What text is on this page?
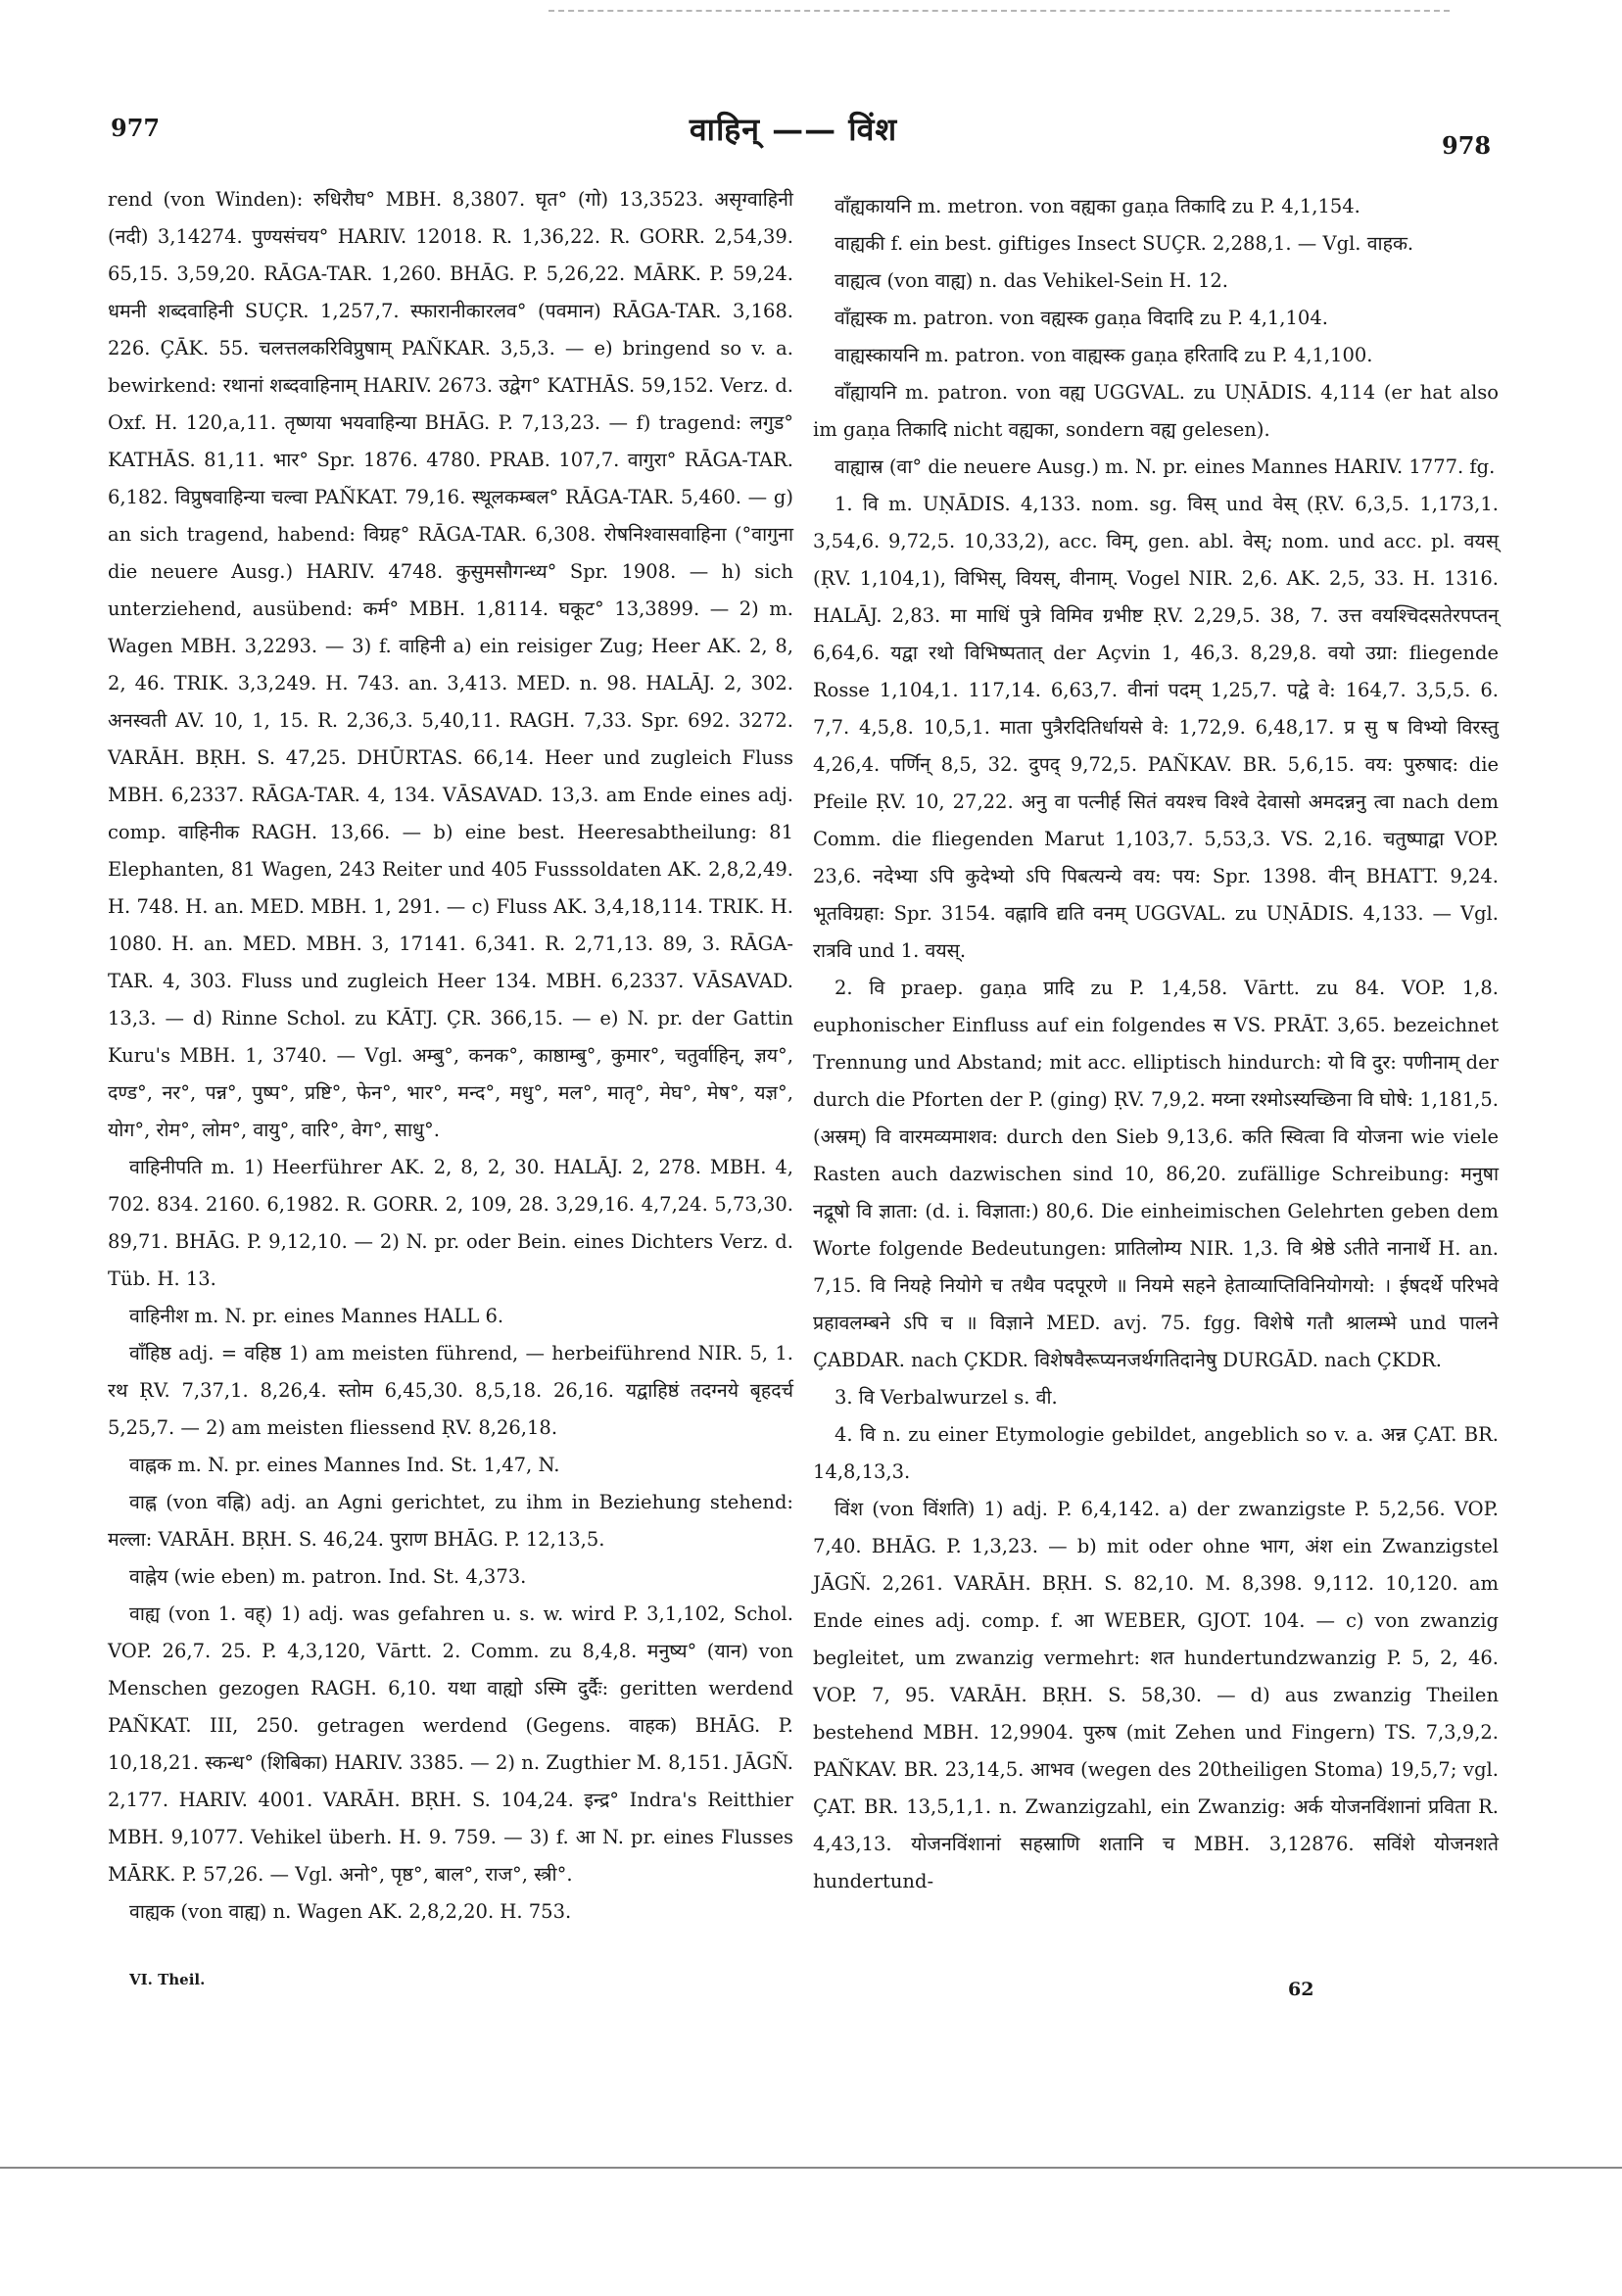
977	वाहिन् —— विंश	978

rend (von Winden): रुधिरौघ° MBH. 8,3807. घृत° (गो) 13,3523. असृग्वाहिनी (नदी) 3,14274. पुण्यसंचय° HARIV. 12018. R. 1,36,22. R. GORR. 2,54,39. 65,15. 3,59,20. RĀGA-TAR. 1,260. BHĀG. P. 5,26,22. MĀRK. P. 59,24. धमनी शब्दवाहिनी SUÇR. 1,257,7. स्फारानीकारलव° (पवमान) RĀGA-TAR. 3,168. 226. ÇĀK. 55. चलत्तलकरिविप्रुषाम् PAÑKAR. 3,5,3. — e) bringend so v. a. bewirkend: रथानां शब्दवाहिनाम् HARIV. 2673. उद्वेग° KATHĀS. 59,152. Verz. d. Oxf. H. 120,a,11. तृष्णया भयवाहिन्या BHĀG. P. 7,13,23. — f) tragend: लगुड° KATHĀS. 81,11. भार° Spr. 1876. 4780. PRAB. 107,7. वागुरा° RĀGA-TAR. 6,182. विप्रुषवाहिन्या चल्वा PAÑKAT. 79,16. स्थूलकम्बल° RĀGA-TAR. 5,460. — g) an sich tragend, habend: विग्रह° RĀGA-TAR. 6,308. रोषनिश्वासवाहिना (°वागुना die neuere Ausg.) HARIV. 4748. कुसुमसौगन्ध्य° Spr. 1908. — h) sich unterziehend, ausübend: कर्म° MBH. 1,8114. घकूट° 13,3899. — 2) m. Wagen MBH. 3,2293. — 3) f. वाहिनी a) ein reisiger Zug; Heer AK. 2, 8, 2, 46. TRIK. 3,3,249. H. 743. an. 3,413. MED. n. 98. HALĀJ. 2, 302. अनस्वती AV. 10, 1, 15. R. 2,36,3. 5,40,11. RAGH. 7,33. Spr. 692. 3272. VARĀH. BṚH. S. 47,25. DHŪRTAS. 66,14. Heer und zugleich Fluss MBH. 6,2337. RĀGA-TAR. 4, 134. VĀSAVAD. 13,3. am Ende eines adj. comp. वाहिनीक RAGH. 13,66. — b) eine best. Heeresabtheilung: 81 Elephanten, 81 Wagen, 243 Reiter und 405 Fusssoldaten AK. 2,8,2,49. H. 748. H. an. MED. MBH. 1, 291. — c) Fluss AK. 3,4,18,114. TRIK. H. 1080. H. an. MED. MBH. 3, 17141. 6,341. R. 2,71,13. 89, 3. RĀGA-TAR. 4, 303. Fluss und zugleich Heer 134. MBH. 6,2337. VĀSAVAD. 13,3. — d) Rinne Schol. zu KĀTJ. ÇR. 366,15. — e) N. pr. der Gattin Kuru's MBH. 1, 3740. — Vgl. अम्बु°, कनक°, काष्ठाम्बु°, कुमार°, चतुर्वाहिन्, ज्ञय°, दण्ड°, नर°, पन्न°, पुष्प°, प्रष्टि°, फेन°, भार°, मन्द°, मधु°, मल°, मातृ°, मेघ°, मेष°, यज्ञ°, योग°, रोम°, लोम°, वायु°, वारि°, वेग°, साधु°.

वाहिनीपति m. 1) Heerführer AK. 2, 8, 2, 30. HALĀJ. 2, 278. MBH. 4, 702. 834. 2160. 6,1982. R. GORR. 2, 109, 28. 3,29,16. 4,7,24. 5,73,30. 89,71. BHĀG. P. 9,12,10. — 2) N. pr. oder Bein. eines Dichters Verz. d. Tüb. H. 13.

वाहिनीश m. N. pr. eines Mannes HALL 6.

वाँहिष्ठ adj. = वहिष्ठ 1) am meisten führend, — herbeiführend NIR. 5, 1. रथ ṚV. 7,37,1. 8,26,4. स्तोम 6,45,30. 8,5,18. 26,16. यद्वाहिष्ठं तदग्नये बृहदर्च 5,25,7. — 2) am meisten fliessend ṚV. 8,26,18.

वाह्नक m. N. pr. eines Mannes Ind. St. 1,47, N.

वाह्न (von वह्नि) adj. an Agni gerichtet, zu ihm in Beziehung stehend: मल्ला: VARĀH. BṚH. S. 46,24. पुराण BHĀG. P. 12,13,5.

वाह्नेय (wie eben) m. patron. Ind. St. 4,373.

वाह्य (von 1. वह्) 1) adj. was gefahren u. s. w. wird P. 3,1,102, Schol. VOP. 26,7. 25. P. 4,3,120, Vārtt. 2. Comm. zu 8,4,8. मनुष्य° (यान) von Menschen gezogen RAGH. 6,10. यथा वाह्यो ऽस्मि दुर्दैः: geritten werdend PAÑKAT. III, 250. getragen werdend (Gegens. वाहक) BHĀG. P. 10,18,21. स्कन्ध° (शिबिका) HARIV. 3385. — 2) n. Zugthier M. 8,151. JĀGÑ. 2,177. HARIV. 4001. VARĀH. BṚH. S. 104,24. इन्द्र° Indra's Reitthier MBH. 9,1077. Vehikel überh. H. 9. 759. — 3) f. आ N. pr. eines Flusses MĀRK. P. 57,26. — Vgl. अनो°, पृष्ठ°, बाल°, राज°, स्त्री°.

वाह्यक (von वाह्य) n. Wagen AK. 2,8,2,20. H. 753.

वाँह्यकायनि m. metron. von वह्यका gaṇa तिकादि zu P. 4,1,154.

वाह्यकी f. ein best. giftiges Insect SUÇR. 2,288,1. — Vgl. वाहक.

वाह्यत्व (von वाह्य) n. das Vehikel-Sein H. 12.

वाँह्यस्क m. patron. von वह्यस्क gaṇa विदादि zu P. 4,1,104.

वाह्यस्कायनि m. patron. von वाह्यस्क gaṇa हरितादि zu P. 4,1,100.

वाँह्यायनि m. patron. von वह्य UGGVAL. zu UṆĀDIS. 4,114 (er hat also im gaṇa तिकादि nicht वह्यका, sondern वह्य gelesen).

वाह्यास्र (वा° die neuere Ausg.) m. N. pr. eines Mannes HARIV. 1777. fg.

1. वि m. UṆĀDIS. 4,133. nom. sg. विस् und वेस् (ṚV. 6,3,5. 1,173,1. 3,54,6. 9,72,5. 10,33,2), acc. विम्, gen. abl. वेस्; nom. und acc. pl. वयस् (ṚV. 1,104,1), विभिस्, वियस्, वीनाम्. Vogel NIR. 2,6. AK. 2,5, 33. H. 1316. HALĀJ. 2,83. मा माधिं पुत्रे विमिव ग्रभीष्ट ṚV. 2,29,5. 38, 7. उत्त वयश्चिदसतेरपप्तन् 6,64,6. यद्वा रथो विभिष्पतात् der Açvin 1, 46,3. 8,29,8. वयो उग्रा: fliegende Rosse 1,104,1. 117,14. 6,63,7. वीनां पदम् 1,25,7. पद्वे वे: 164,7. 3,5,5. 6. 7,7. 4,5,8. 10,5,1. माता पुत्रैरदितिर्धायसे वे: 1,72,9. 6,48,17. प्र सु ष विभ्यो विरस्तु 4,26,4. पर्णिन् 8,5, 32. दुपद् 9,72,5. PAÑKAV. BR. 5,6,15. वय: पुरुषाद: die Pfeile ṚV. 10, 27,22. अनु वा पत्नीर्ह सितं वयश्च विश्वे देवासो अमदन्ननु त्वा nach dem Comm. die fliegenden Marut 1,103,7. 5,53,3. VS. 2,16. चतुष्पाद्वा VOP. 23,6. नदेभ्या ऽपि कुदेभ्यो ऽपि पिबत्यन्ये वय: पय: Spr. 1398. वीन् BHATT. 9,24. भूतविग्रहा: Spr. 3154. वह्नावि द्यति वनम् UGGVAL. zu UṆĀDIS. 4,133. — Vgl. रात्रवि und 1. वयस्.

2. वि praep. gaṇa प्रादि zu P. 1,4,58. Vārtt. zu 84. VOP. 1,8. euphonischer Einfluss auf ein folgendes स VS. PRĀT. 3,65. bezeichnet Trennung und Abstand; mit acc. elliptisch hindurch: यो वि दुर: पणीनाम् der durch die Pforten der P. (ging) ṚV. 7,9,2. मय्ना रश्मोऽस्यच्छिना वि घोषे: 1,181,5. (अस्रम्) वि वारमव्यमाशव: durch den Sieb 9,13,6. कति स्वित्वा वि योजना wie viele Rasten auch dazwischen sind 10, 86,20. zufällige Schreibung: मनुषा नद्रूषो वि ज्ञाता: (d. i. विज्ञाता:) 80,6. Die einheimischen Gelehrten geben dem Worte folgende Bedeutungen: प्रातिलोम्य NIR. 1,3. वि श्रेष्ठे ऽतीते नानार्थे H. an. 7,15. वि नियहे नियोगे च तथैव पदपूरणे ॥ नियमे सहने हेताव्याप्तिविनियोगयो: । ईषदर्थे परिभवे प्रहावलम्बने ऽपि च ॥ विज्ञाने MED. avj. 75. fgg. विशेषे गतौ श्रालम्भे und पालने ÇABDAR. nach ÇKDR. विशेषवैरूप्यनजर्थगतिदानेषु DURGĀD. nach ÇKDR.

3. वि Verbalwurzel s. वी.

4. वि n. zu einer Etymologie gebildet, angeblich so v. a. अन्न ÇAT. BR. 14,8,13,3.

विंश (von विंशति) 1) adj. P. 6,4,142. a) der zwanzigste P. 5,2,56. VOP. 7,40. BHĀG. P. 1,3,23. — b) mit oder ohne भाग, अंश ein Zwanzigstel JĀGÑ. 2,261. VARĀH. BṚH. S. 82,10. M. 8,398. 9,112. 10,120. am Ende eines adj. comp. f. आ WEBER, GJOT. 104. — c) von zwanzig begleitet, um zwanzig vermehrt: शत hundertundzwanzig P. 5, 2, 46. VOP. 7, 95. VARĀH. BṚH. S. 58,30. — d) aus zwanzig Theilen bestehend MBH. 12,9904. पुरुष (mit Zehen und Fingern) TS. 7,3,9,2. PAÑKAV. BR. 23,14,5. आभव (wegen des 20theiligen Stoma) 19,5,7; vgl. ÇAT. BR. 13,5,1,1. n. Zwanzigzahl, ein Zwanzig: अर्क योजनविंशानां प्रविता R. 4,43,13. योजनविंशानां सहस्राणि शतानि च MBH. 3,12876. सविंशे योजनशते hundertund-

VI. Theil.	62
